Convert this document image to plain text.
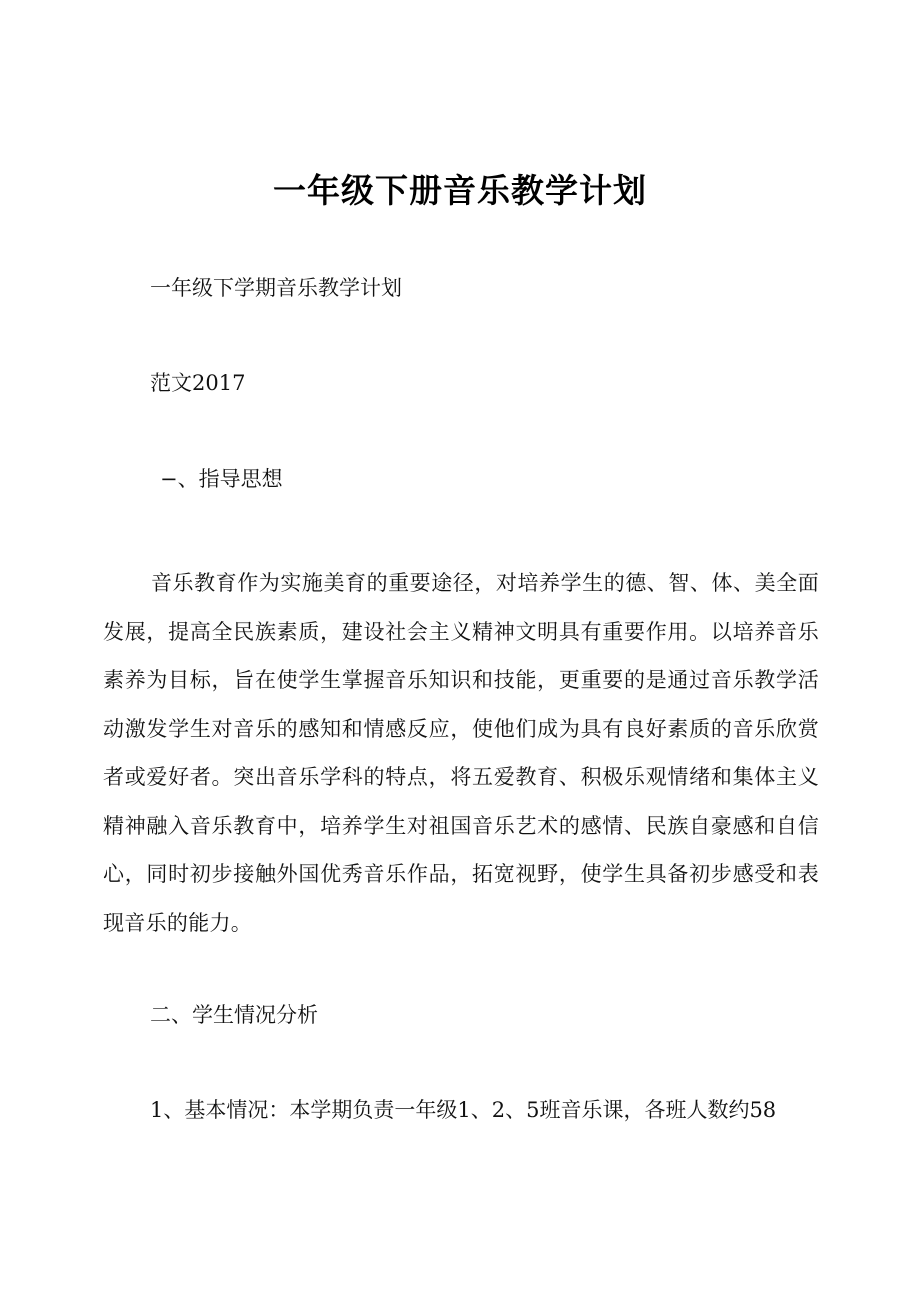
一年级下册音乐教学计划
一年级下学期音乐教学计划
范文2017
−、指导思想
音乐教育作为实施美育的重要途径，对培养学生的德、智、体、美全面发展，提高全民族素质，建设社会主义精神文明具有重要作用。以培养音乐素养为目标，旨在使学生掌握音乐知识和技能，更重要的是通过音乐教学活动激发学生对音乐的感知和情感反应，使他们成为具有良好素质的音乐欣赏者或爱好者。突出音乐学科的特点，将五爱教育、积极乐观情绪和集体主义精神融入音乐教育中，培养学生对祖国音乐艺术的感情、民族自豪感和自信心，同时初步接触外国优秀音乐作品，拓宽视野，使学生具备初步感受和表现音乐的能力。
二、学生情况分析
1、基本情况：本学期负责一年级1、2、5班音乐课，各班人数约58
